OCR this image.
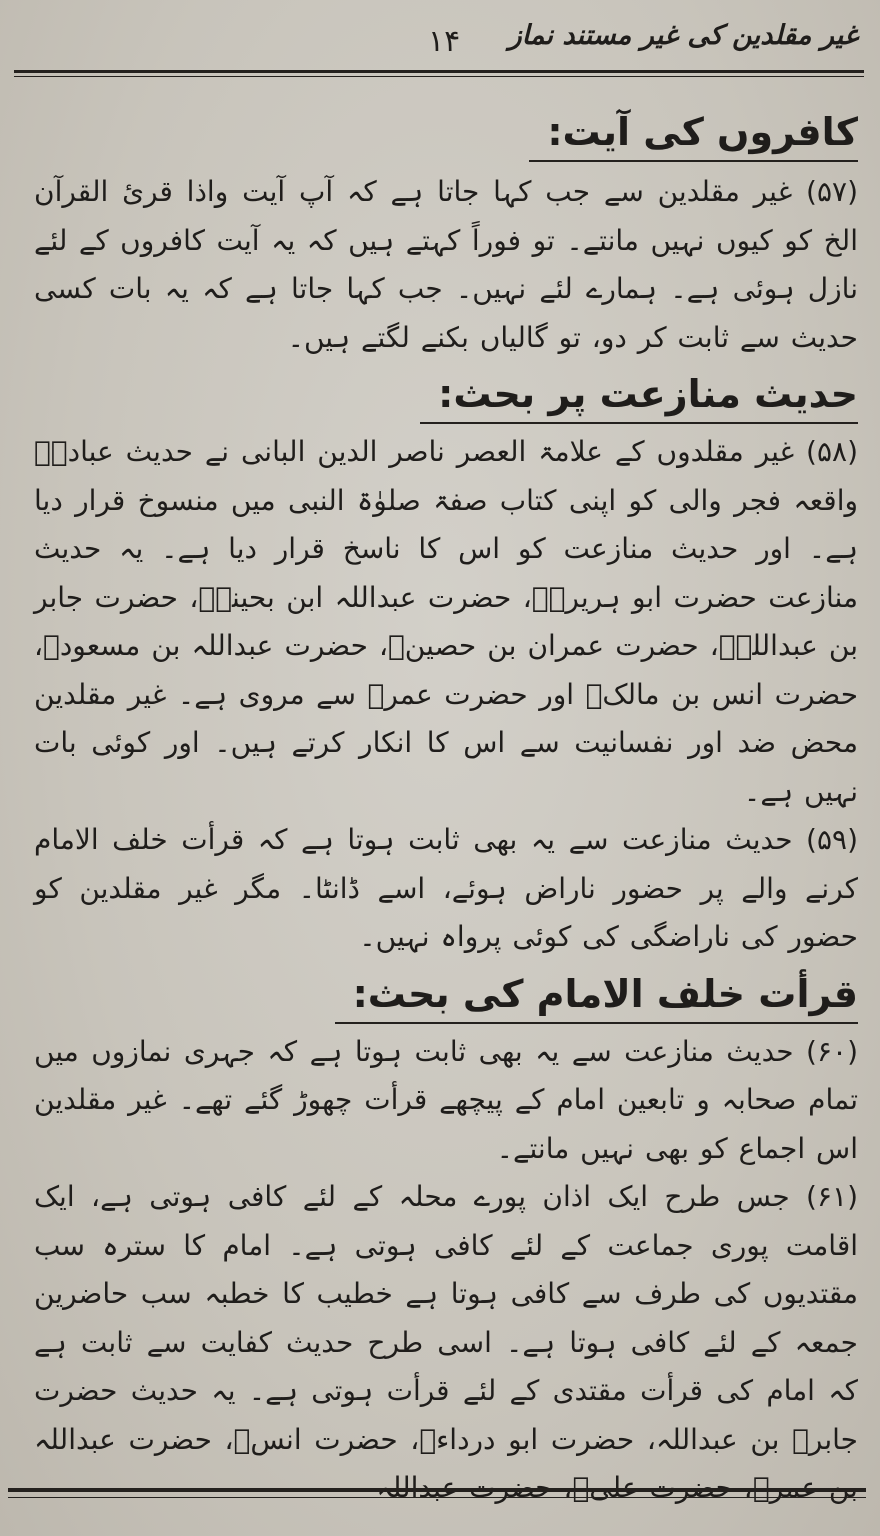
غیر مقلدین کی غیر مستند نماز
۱۴
کافروں کی آیت:

(۵۷) غیر مقلدین سے جب کہا جاتا ہے کہ آپ آیت واذا قرئ القرآن الخ کو کیوں نہیں مانتے۔ تو فوراً کہتے ہیں کہ یہ آیت کافروں کے لئے نازل ہوئی ہے۔ ہمارے لئے نہیں۔ جب کہا جاتا ہے کہ یہ بات کسی حدیث سے ثابت کر دو، تو گالیاں بکنے لگتے ہیں۔

حدیث منازعت پر بحث:

(۵۸) غیر مقلدوں کے علامۃ العصر ناصر الدین البانی نے حدیث عبادہؓ واقعہ فجر والی کو اپنی کتاب صفۃ صلوٰۃ النبی میں منسوخ قرار دیا ہے۔ اور حدیث منازعت کو اس کا ناسخ قرار دیا ہے۔ یہ حدیث منازعت حضرت ابو ہریرہؓ، حضرت عبداللہ ابن بحینہؓ، حضرت جابر بن عبداللہؓ، حضرت عمران بن حصینؓ، حضرت عبداللہ بن مسعودؓ، حضرت انس بن مالکؓ اور حضرت عمرؓ سے مروی ہے۔ غیر مقلدین محض ضد اور نفسانیت سے اس کا انکار کرتے ہیں۔ اور کوئی بات نہیں ہے۔

(۵۹) حدیث منازعت سے یہ بھی ثابت ہوتا ہے کہ قرأت خلف الامام کرنے والے پر حضور ناراض ہوئے، اسے ڈانٹا۔ مگر غیر مقلدین کو حضور کی ناراضگی کی کوئی پرواہ نہیں۔

قرأت خلف الامام کی بحث:

(۶۰) حدیث منازعت سے یہ بھی ثابت ہوتا ہے کہ جہری نمازوں میں تمام صحابہ و تابعین امام کے پیچھے قرأت چھوڑ گئے تھے۔ غیر مقلدین اس اجماع کو بھی نہیں مانتے۔

(۶۱) جس طرح ایک اذان پورے محلہ کے لئے کافی ہوتی ہے، ایک اقامت پوری جماعت کے لئے کافی ہوتی ہے۔ امام کا سترہ سب مقتدیوں کی طرف سے کافی ہوتا ہے خطیب کا خطبہ سب حاضرین جمعہ کے لئے کافی ہوتا ہے۔ اسی طرح حدیث کفایت سے ثابت ہے کہ امام کی قرأت مقتدی کے لئے قرأت ہوتی ہے۔ یہ حدیث حضرت جابرؓ بن عبداللہ، حضرت ابو درداءؓ، حضرت انسؓ، حضرت عبداللہ بن عمرؓ، حضرت علیؓ، حضرت عبداللہ
